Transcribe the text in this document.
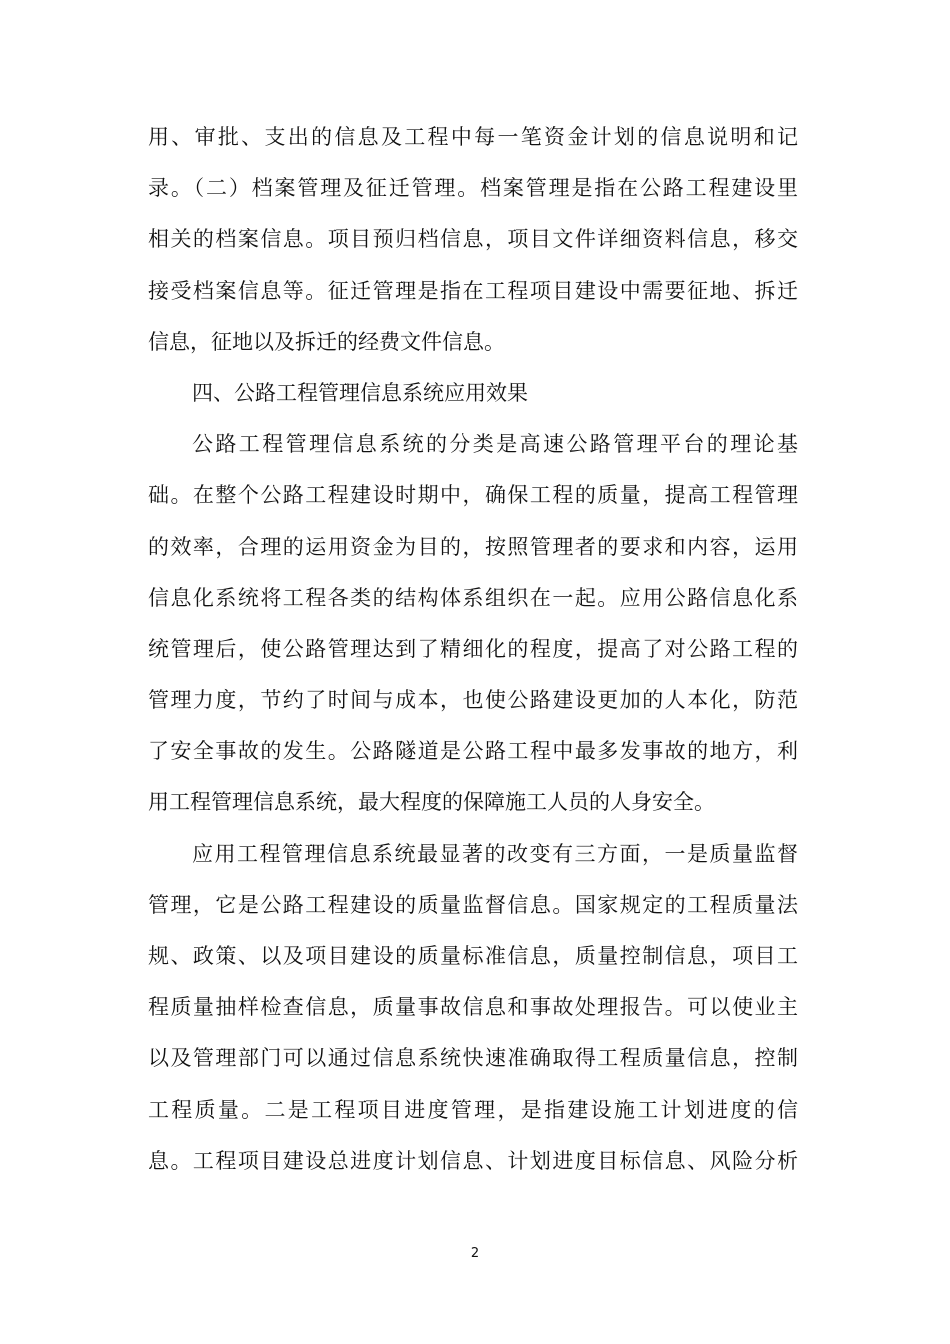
用、审批、支出的信息及工程中每一笔资金计划的信息说明和记
录。（二）档案管理及征迁管理。档案管理是指在公路工程建设里
相关的档案信息。项目预归档信息，项目文件详细资料信息，移交
接受档案信息等。征迁管理是指在工程项目建设中需要征地、拆迁
信息，征地以及拆迁的经费文件信息。
四、公路工程管理信息系统应用效果
公路工程管理信息系统的分类是高速公路管理平台的理论基
础。在整个公路工程建设时期中，确保工程的质量，提高工程管理
的效率，合理的运用资金为目的，按照管理者的要求和内容，运用
信息化系统将工程各类的结构体系组织在一起。应用公路信息化系
统管理后，使公路管理达到了精细化的程度，提高了对公路工程的
管理力度，节约了时间与成本，也使公路建设更加的人本化，防范
了安全事故的发生。公路隧道是公路工程中最多发事故的地方，利
用工程管理信息系统，最大程度的保障施工人员的人身安全。
应用工程管理信息系统最显著的改变有三方面，一是质量监督
管理，它是公路工程建设的质量监督信息。国家规定的工程质量法
规、政策、以及项目建设的质量标准信息，质量控制信息，项目工
程质量抽样检查信息，质量事故信息和事故处理报告。可以使业主
以及管理部门可以通过信息系统快速准确取得工程质量信息，控制
工程质量。二是工程项目进度管理，是指建设施工计划进度的信
息。工程项目建设总进度计划信息、计划进度目标信息、风险分析
2
